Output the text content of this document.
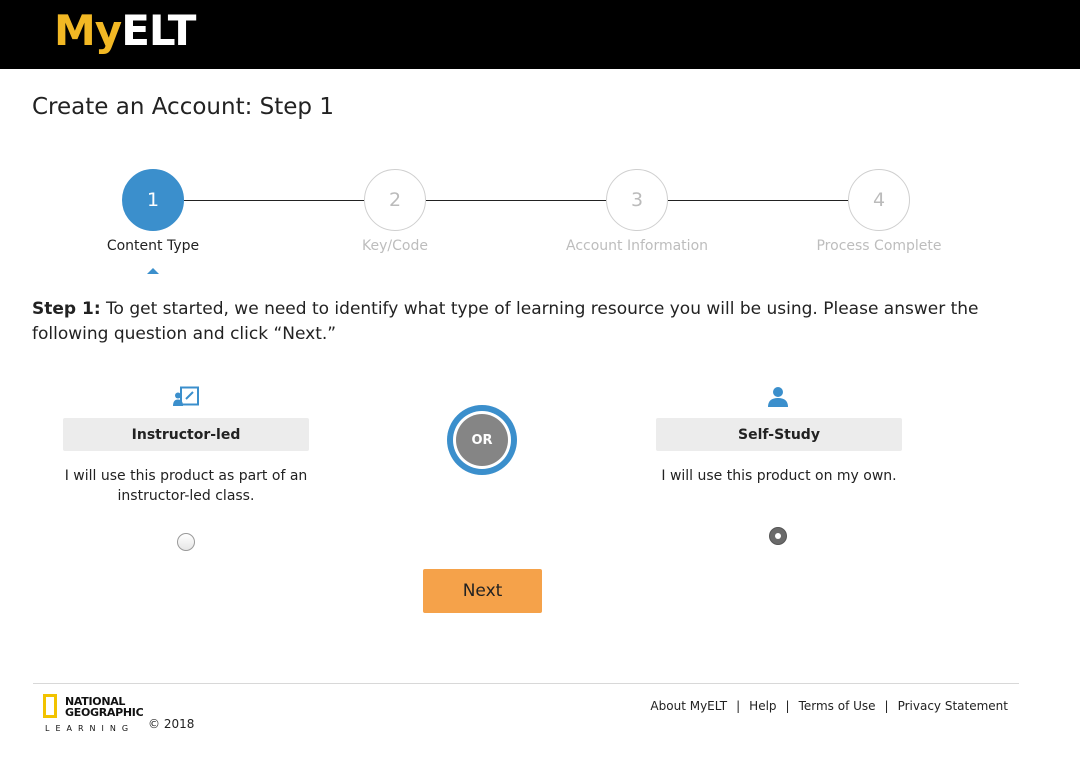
MyELT
Create an Account: Step 1
1	2	3	4
Content Type	Key/Code	Account Information	Process Complete
Step 1: To get started, we need to identify what type of learning resource you will be using. Please answer the following question and click “Next.”
Instructor-led
I will use this product as part of an instructor-led class.
OR	Self-Study
I will use this product on my own.
Next
NATIONAL
GEOGRAPHIC
LEARNING © 2018
About MyELT | Help | Terms of Use | Privacy Statement
